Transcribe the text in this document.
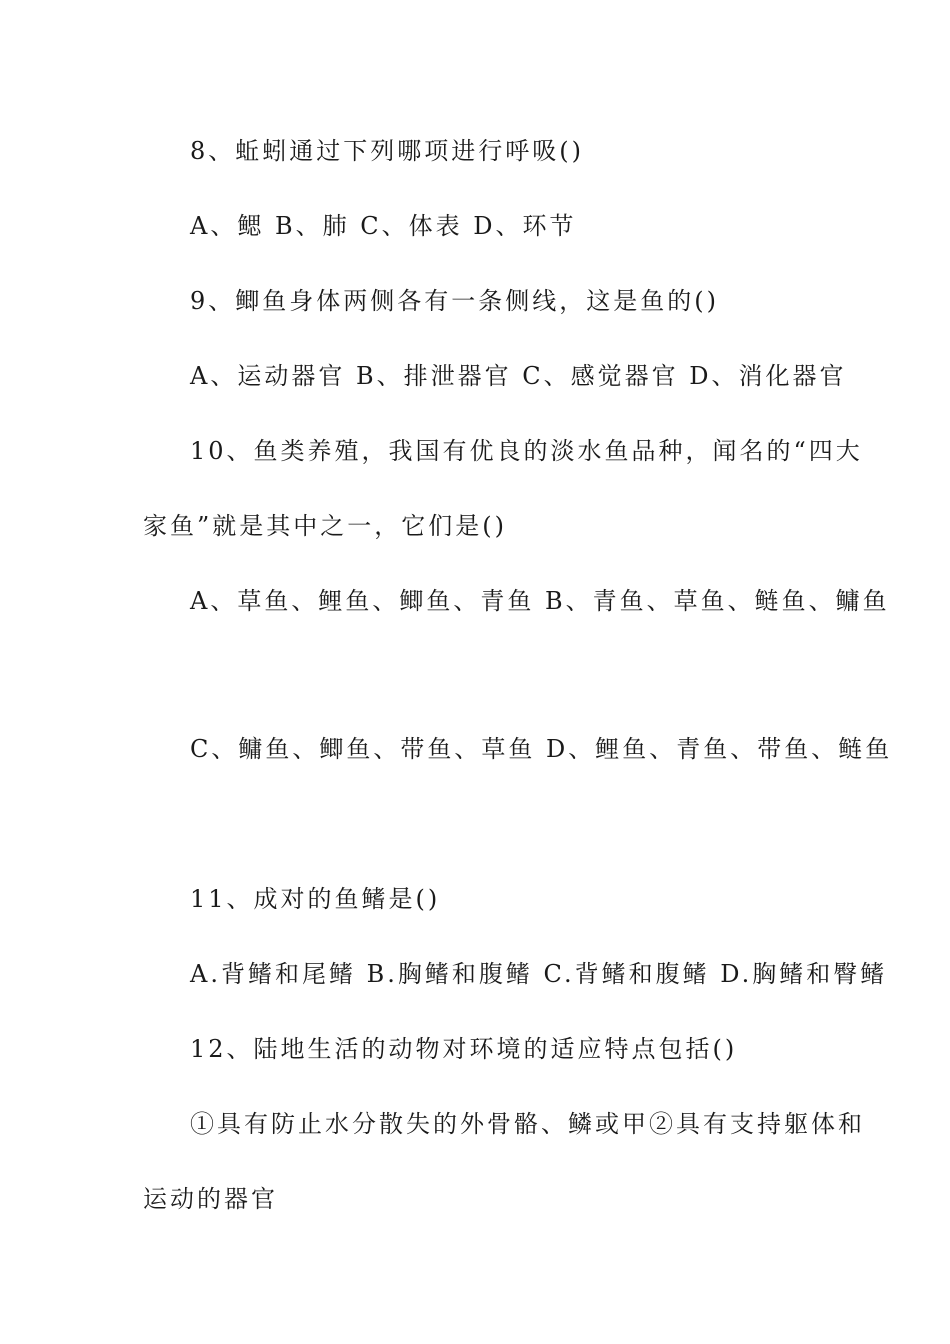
8、蚯蚓通过下列哪项进行呼吸()
A、鳃 B、肺 C、体表 D、环节
9、鲫鱼身体两侧各有一条侧线，这是鱼的()
A、运动器官 B、排泄器官 C、感觉器官 D、消化器官
10、鱼类养殖，我国有优良的淡水鱼品种，闻名的“四大
家鱼”就是其中之一，它们是()
A、草鱼、鲤鱼、鲫鱼、青鱼 B、青鱼、草鱼、鲢鱼、鳙鱼
C、鳙鱼、鲫鱼、带鱼、草鱼 D、鲤鱼、青鱼、带鱼、鲢鱼
11、成对的鱼鳍是()
A.背鳍和尾鳍 B.胸鳍和腹鳍 C.背鳍和腹鳍 D.胸鳍和臀鳍
12、陆地生活的动物对环境的适应特点包括()
①具有防止水分散失的外骨骼、鳞或甲②具有支持躯体和
运动的器官
